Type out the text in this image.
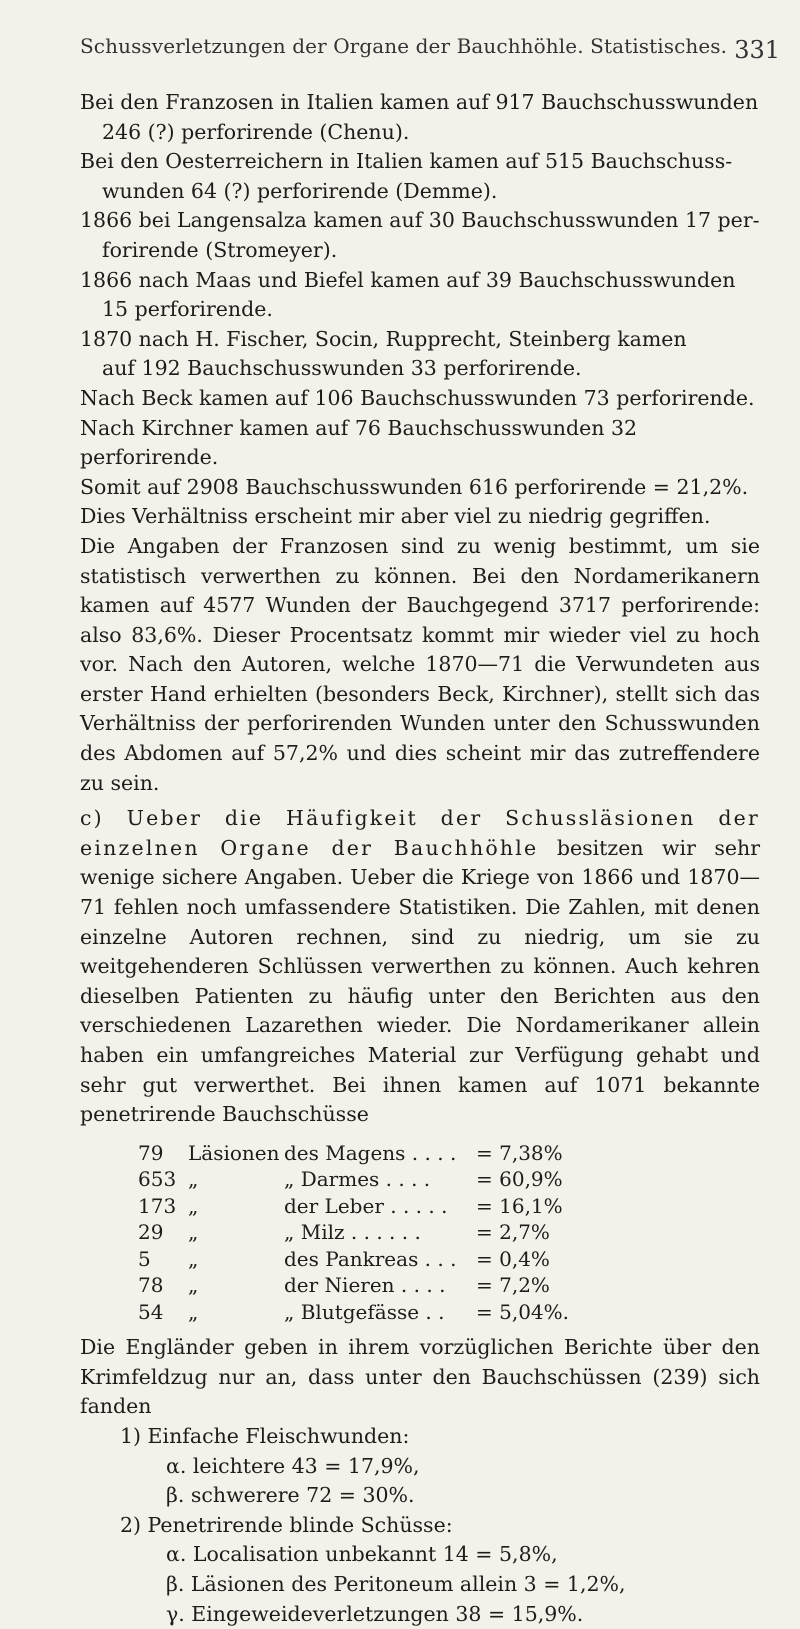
Schussverletzungen der Organe der Bauchhöhle. Statistisches. 331
Bei den Franzosen in Italien kamen auf 917 Bauchschusswunden
246 (?) perforirende (Chenu).
Bei den Oesterreichern in Italien kamen auf 515 Bauchschuss-
wunden 64 (?) perforirende (Demme).
1866 bei Langensalza kamen auf 30 Bauchschusswunden 17 per-
forirende (Stromeyer).
1866 nach Maas und Biefel kamen auf 39 Bauchschusswunden
15 perforirende.
1870 nach H. Fischer, Socin, Rupprecht, Steinberg kamen
auf 192 Bauchschusswunden 33 perforirende.
Nach Beck kamen auf 106 Bauchschusswunden 73 perforirende.
Nach Kirchner kamen auf 76 Bauchschusswunden 32 perforirende.
Somit auf 2908 Bauchschusswunden 616 perforirende = 21,2%.
Dies Verhältniss erscheint mir aber viel zu niedrig gegriffen.

Die Angaben der Franzosen sind zu wenig bestimmt, um sie statistisch verwerthen zu können. Bei den Nordamerikanern kamen auf 4577 Wunden der Bauchgegend 3717 perforirende: also 83,6%. Dieser Procentsatz kommt mir wieder viel zu hoch vor. Nach den Autoren, welche 1870—71 die Verwundeten aus erster Hand erhielten (besonders Beck, Kirchner), stellt sich das Verhältniss der perforirenden Wunden unter den Schusswunden des Abdomen auf 57,2% und dies scheint mir das zutreffendere zu sein.

c) Ueber die Häufigkeit der Schussläsionen der einzelnen Organe der Bauchhöhle besitzen wir sehr wenige sichere Angaben. Ueber die Kriege von 1866 und 1870—71 fehlen noch umfassendere Statistiken. Die Zahlen, mit denen einzelne Autoren rechnen, sind zu niedrig, um sie zu weitgehenderen Schlüssen verwerthen zu können. Auch kehren dieselben Patienten zu häufig unter den Berichten aus den verschiedenen Lazarethen wieder. Die Nordamerikaner allein haben ein umfangreiches Material zur Verfügung gehabt und sehr gut verwerthet. Bei ihnen kamen auf 1071 bekannte penetrirende Bauchschüsse

79	Läsionen	des Magens . . . .	= 7,38%
653	„	„ Darmes . . . .	= 60,9%
173	„	der Leber . . . . .	= 16,1%
29	„	„ Milz . . . . . .	= 2,7%
5	„	des Pankreas . . .	= 0,4%
78	„	der Nieren . . . .	= 7,2%
54	„	„ Blutgefässe . .	= 5,04%.

Die Engländer geben in ihrem vorzüglichen Berichte über den Krimfeldzug nur an, dass unter den Bauchschüssen (239) sich fanden

1) Einfache Fleischwunden:
α. leichtere 43 = 17,9%,
β. schwerere 72 = 30%.
2) Penetrirende blinde Schüsse:
α. Localisation unbekannt 14 = 5,8%,
β. Läsionen des Peritoneum allein 3 = 1,2%,
γ. Eingeweideverletzungen 38 = 15,9%.
